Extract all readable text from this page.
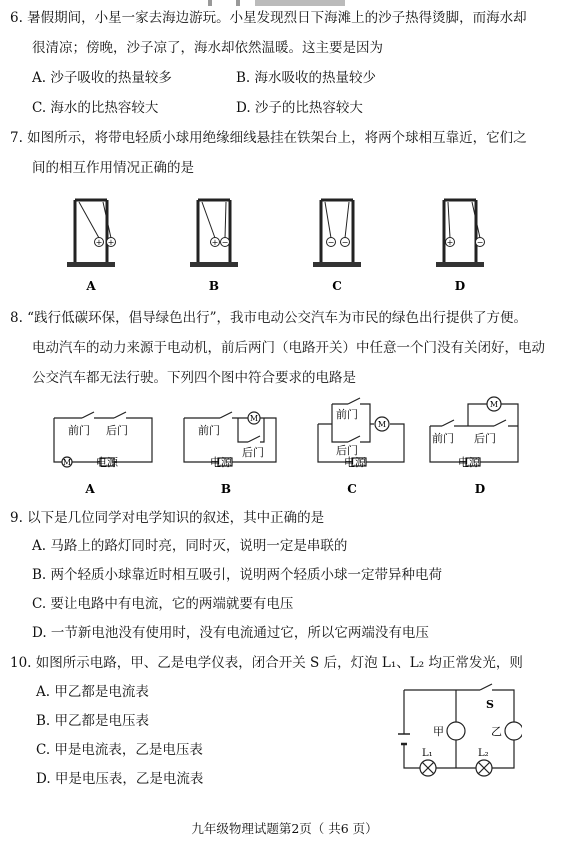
6. 暑假期间，小星一家去海边游玩。小星发现烈日下海滩上的沙子热得烫脚，而海水却
很清凉；傍晚，沙子凉了，海水却依然温暖。这主要是因为
A. 沙子吸收的热量较多	B. 海水吸收的热量较少
C. 海水的比热容较大	D. 沙子的比热容较大
7. 如图所示，将带电轻质小球用绝缘细线悬挂在铁架台上，将两个球相互靠近，它们之
间的相互作用情况正确的是
+ +
A
+ −
B
− −
C
+	−
D
8. “践行低碳环保，倡导绿色出行”，我市电动公交汽车为市民的绿色出行提供了方便。
电动汽车的动力来源于电动机，前后两门（电路开关）中任意一个门没有关闭好，电动
公交汽车都无法行驶。下列四个图中符合要求的电路是
前门 后门
M 电源
A
前门
后门
M
电源
B
前门
后门
M
电源
C
前门 后门
M
电源
D
9. 以下是几位同学对电学知识的叙述，其中正确的是
A. 马路上的路灯同时亮，同时灭，说明一定是串联的
B. 两个轻质小球靠近时相互吸引，说明两个轻质小球一定带异种电荷
C. 要让电路中有电流，它的两端就要有电压
D. 一节新电池没有使用时，没有电流通过它，所以它两端没有电压
10. 如图所示电路，甲、乙是电学仪表，闭合开关 S 后，灯泡 L₁、L₂ 均正常发光，则
A. 甲乙都是电流表
B. 甲乙都是电压表
C. 甲是电流表，乙是电压表
D. 甲是电压表，乙是电流表
S
甲	乙
L₁	L₂
九年级物理试题第2页（ 共6 页）
